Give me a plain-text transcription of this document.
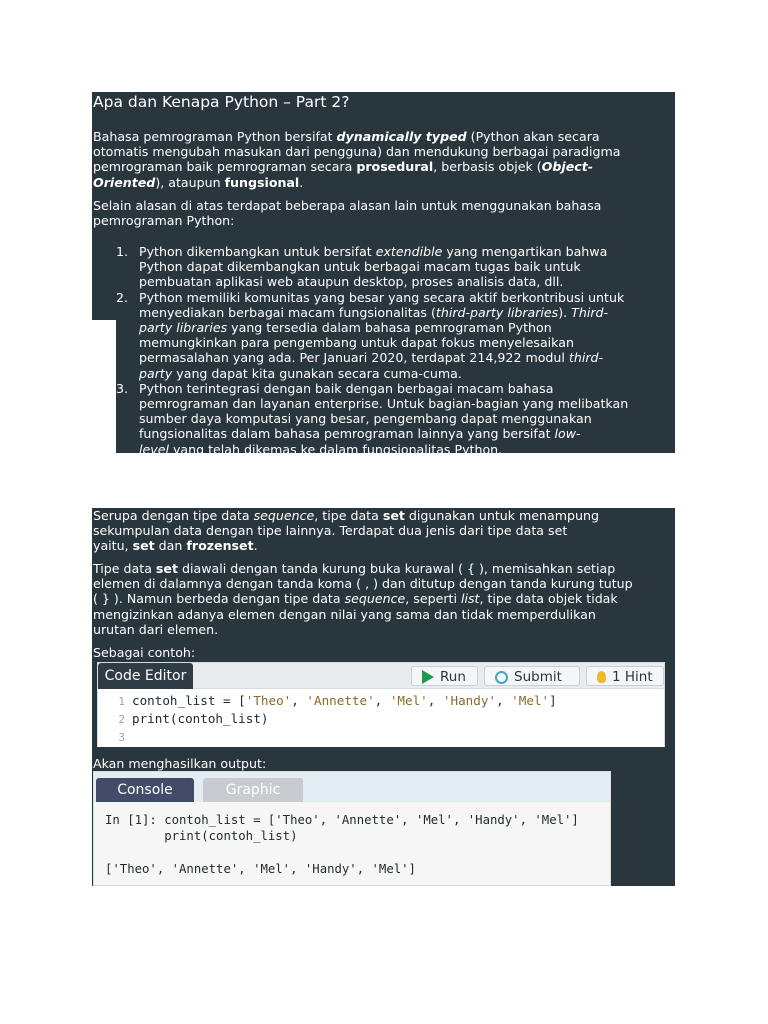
Apa dan Kenapa Python – Part 2?
Bahasa pemrograman Python bersifat dynamically typed (Python akan secara
otomatis mengubah masukan dari pengguna) dan mendukung berbagai paradigma
pemrograman baik pemrograman secara prosedural, berbasis objek (Object-
Oriented), ataupun fungsional.
Selain alasan di atas terdapat beberapa alasan lain untuk menggunakan bahasa
pemrograman Python:
1. Python dikembangkan untuk bersifat extendible yang mengartikan bahwa
Python dapat dikembangkan untuk berbagai macam tugas baik untuk
pembuatan aplikasi web ataupun desktop, proses analisis data, dll.
2. Python memiliki komunitas yang besar yang secara aktif berkontribusi untuk
menyediakan berbagai macam fungsionalitas (third-party libraries). Third-
party libraries yang tersedia dalam bahasa pemrograman Python
memungkinkan para pengembang untuk dapat fokus menyelesaikan
permasalahan yang ada. Per Januari 2020, terdapat 214,922 modul third-
party yang dapat kita gunakan secara cuma-cuma.
3. Python terintegrasi dengan baik dengan berbagai macam bahasa
pemrograman dan layanan enterprise. Untuk bagian-bagian yang melibatkan
sumber daya komputasi yang besar, pengembang dapat menggunakan
fungsionalitas dalam bahasa pemrograman lainnya yang bersifat low-
level yang telah dikemas ke dalam fungsionalitas Python.
Serupa dengan tipe data sequence, tipe data set digunakan untuk menampung
sekumpulan data dengan tipe lainnya. Terdapat dua jenis dari tipe data set
yaitu, set dan frozenset.
Tipe data set diawali dengan tanda kurung buka kurawal ( { ), memisahkan setiap
elemen di dalamnya dengan tanda koma ( , ) dan ditutup dengan tanda kurung tutup
( } ). Namun berbeda dengan tipe data sequence, seperti list, tipe data objek tidak
mengizinkan adanya elemen dengan nilai yang sama dan tidak memperdulikan
urutan dari elemen.
Sebagai contoh:
Code Editor	Run	Submit	1 Hint
1 contoh_list = ['Theo', 'Annette', 'Mel', 'Handy', 'Mel']
2 print(contoh_list)
3
Akan menghasilkan output:
Console	Graphic
In [1]: contoh_list = ['Theo', 'Annette', 'Mel', 'Handy', 'Mel']
print(contoh_list)
['Theo', 'Annette', 'Mel', 'Handy', 'Mel']
